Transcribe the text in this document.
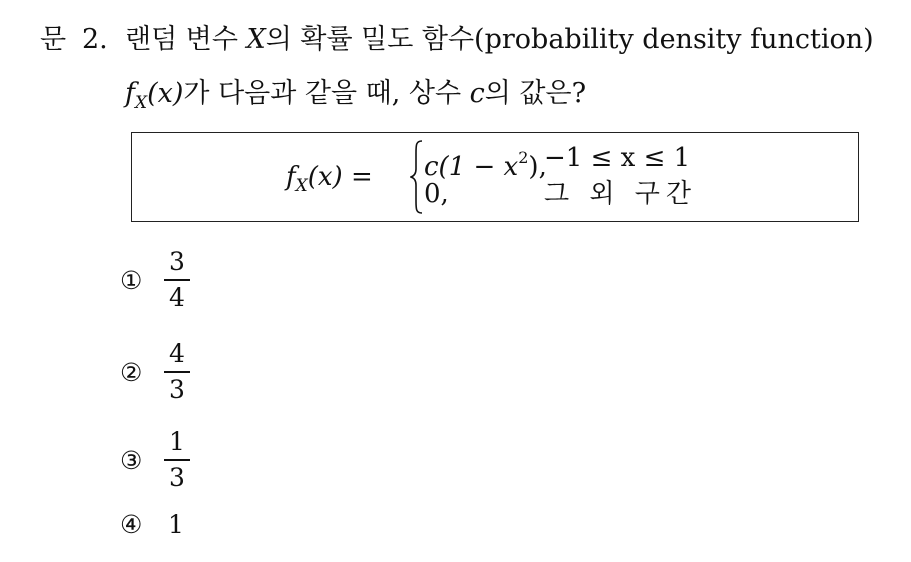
문 2. 랜덤 변수 X의 확률 밀도 함수(probability density function)
$f_X(x)$가 다음과 같을 때, 상수 c의 값은?
$f_X(x) = c(1 - x^2)$,
−1 ≤ x ≤ 1
0,	그 외 구간
①
3
4
②
4
3
③
1
3
④ 1
